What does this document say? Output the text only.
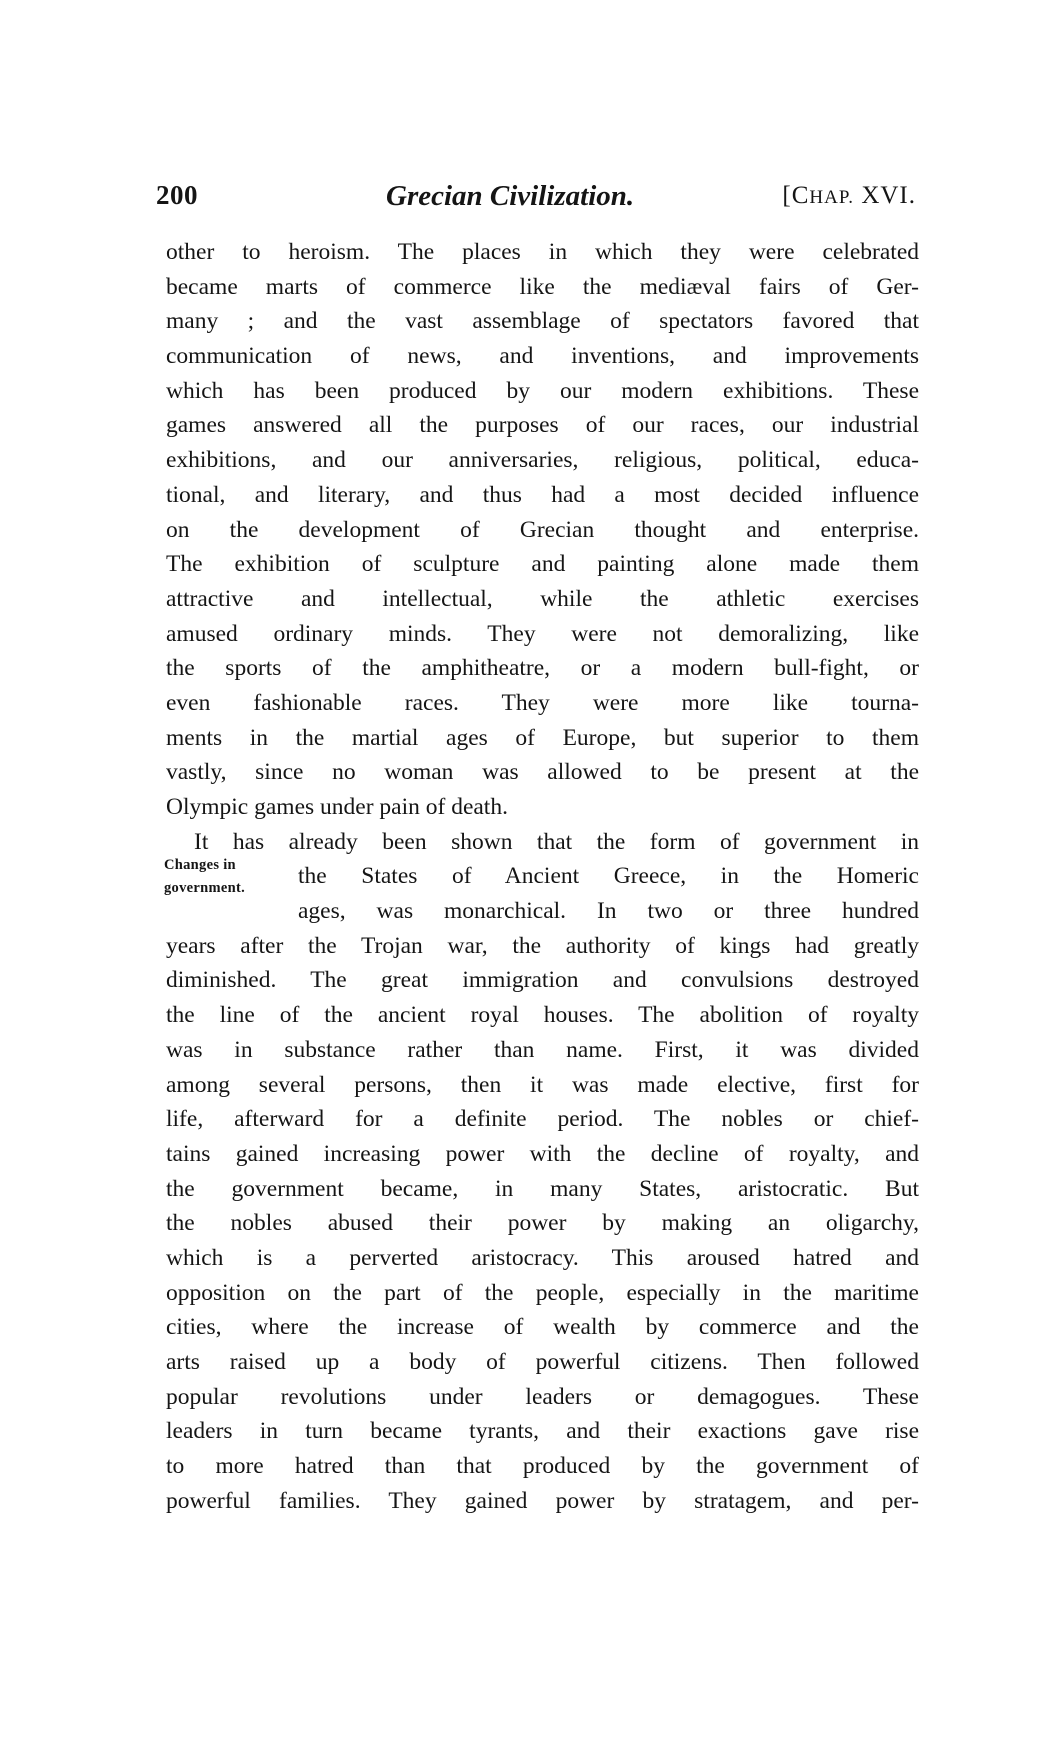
200	Grecian Civilization.	[CHAP. XVI.
Changes in
government.
other to heroism. The places in which they were celebrated
became marts of commerce like the mediæval fairs of Ger-
many ; and the vast assemblage of spectators favored that
communication of news, and inventions, and improvements
which has been produced by our modern exhibitions. These
games answered all the purposes of our races, our industrial
exhibitions, and our anniversaries, religious, political, educa-
tional, and literary, and thus had a most decided influence
on the development of Grecian thought and enterprise.
The exhibition of sculpture and painting alone made them
attractive and intellectual, while the athletic exercises
amused ordinary minds. They were not demoralizing, like
the sports of the amphitheatre, or a modern bull-fight, or
even fashionable races. They were more like tourna-
ments in the martial ages of Europe, but superior to them
vastly, since no woman was allowed to be present at the
Olympic games under pain of death.
It has already been shown that the form of government in
the States of Ancient Greece, in the Homeric
ages, was monarchical. In two or three hundred
years after the Trojan war, the authority of kings had greatly
diminished. The great immigration and convulsions destroyed
the line of the ancient royal houses. The abolition of royalty
was in substance rather than name. First, it was divided
among several persons, then it was made elective, first for
life, afterward for a definite period. The nobles or chief-
tains gained increasing power with the decline of royalty, and
the government became, in many States, aristocratic. But
the nobles abused their power by making an oligarchy,
which is a perverted aristocracy. This aroused hatred and
opposition on the part of the people, especially in the maritime
cities, where the increase of wealth by commerce and the
arts raised up a body of powerful citizens. Then followed
popular revolutions under leaders or demagogues. These
leaders in turn became tyrants, and their exactions gave rise
to more hatred than that produced by the government of
powerful families. They gained power by stratagem, and per-
